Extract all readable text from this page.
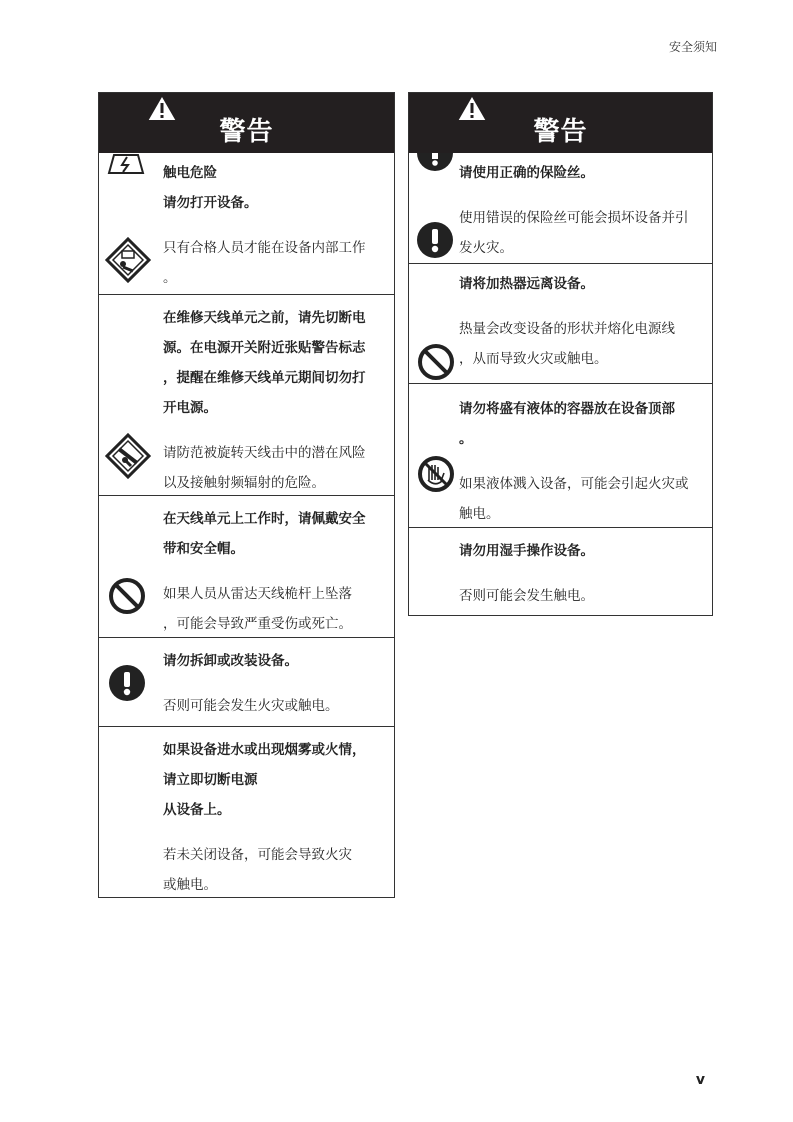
安全须知
警告
触电危险
请勿打开设备。
只有合格人员才能在设备内部工作
。
在维修天线单元之前，请先切断电
源。在电源开关附近张贴警告标志
，提醒在维修天线单元期间切勿打
开电源。
请防范被旋转天线击中的潜在风险
以及接触射频辐射的危险。
在天线单元上工作时，请佩戴安全
带和安全帽。
如果人员从雷达天线桅杆上坠落
，可能会导致严重受伤或死亡。
请勿拆卸或改装设备。
否则可能会发生火灾或触电。
如果设备进水或出现烟雾或火情，
请立即切断电源
从设备上。
若未关闭设备，可能会导致火灾
或触电。
警告
请使用正确的保险丝。
使用错误的保险丝可能会损坏设备并引
发火灾。
请将加热器远离设备。
热量会改变设备的形状并熔化电源线
，从而导致火灾或触电。
请勿将盛有液体的容器放在设备顶部
。
如果液体溅入设备，可能会引起火灾或
触电。
请勿用湿手操作设备。
否则可能会发生触电。
v
